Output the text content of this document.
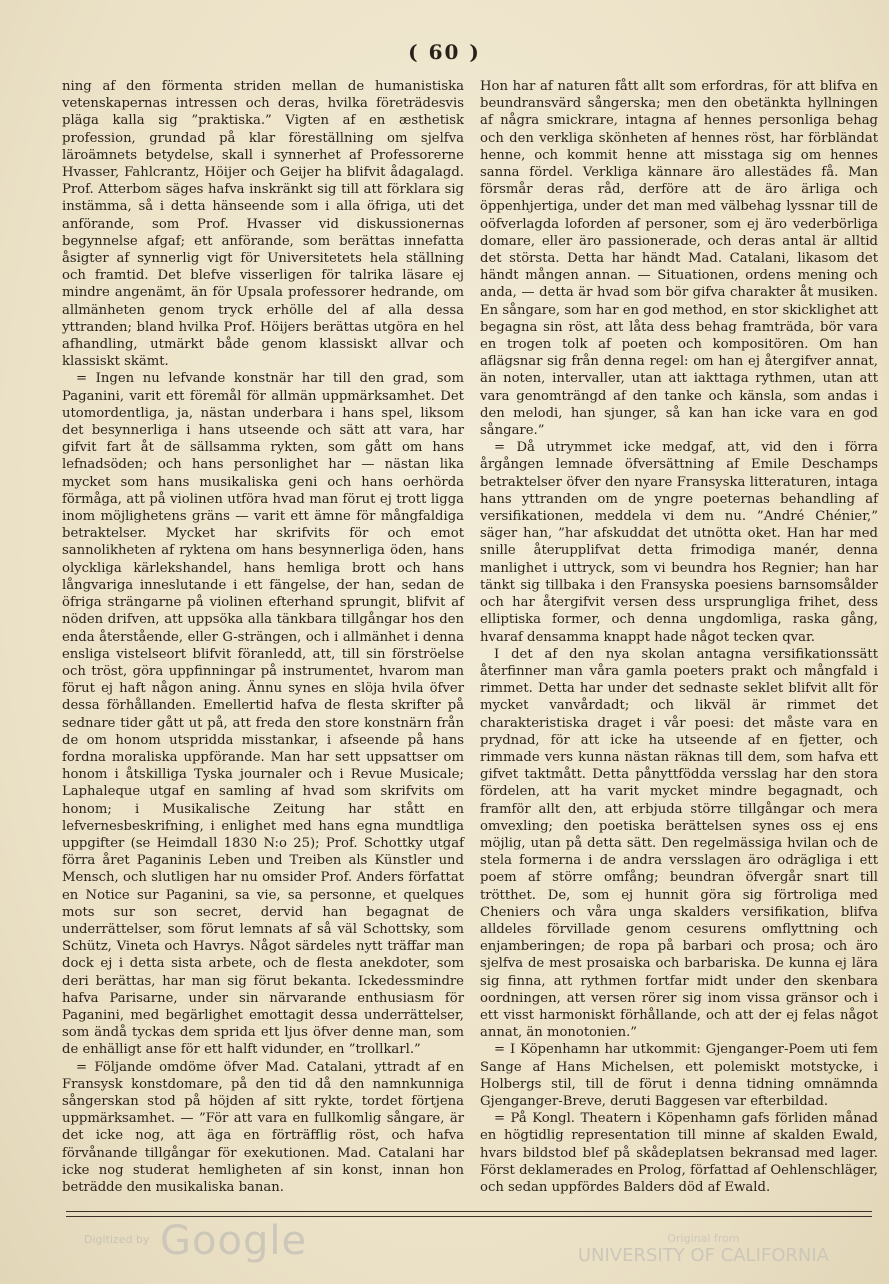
( 60 )

ning af den förmenta striden mellan de humanistiska vetenskapernas intressen och deras, hvilka företrädesvis pläga kalla sig ”praktiska.” Vigten af en æsthetisk profession, grundad på klar föreställning om sjelfva läroämnets betydelse, skall i synnerhet af Professorerne Hvasser, Fahlcrantz, Höijer och Geijer ha blifvit ådagalagd. Prof. Atterbom säges hafva inskränkt sig till att förklara sig instämma, så i detta hänseende som i alla öfriga, uti det anförande, som Prof. Hvasser vid diskussionernas begynnelse afgaf; ett anförande, som berättas innefatta åsigter af synnerlig vigt för Universitetets hela ställning och framtid. Det blefve visserligen för talrika läsare ej mindre angenämt, än för Upsala professorer hedrande, om allmänheten genom tryck erhölle del af alla dessa yttranden; bland hvilka Prof. Höijers berättas utgöra en hel afhandling, utmärkt både genom klassiskt allvar och klassiskt skämt.

= Ingen nu lefvande konstnär har till den grad, som Paganini, varit ett föremål för allmän uppmärksamhet. Det utomordentliga, ja, nästan underbara i hans spel, liksom det besynnerliga i hans utseende och sätt att vara, har gifvit fart åt de sällsamma rykten, som gått om hans lefnadsöden; och hans personlighet har — nästan lika mycket som hans musikaliska geni och hans oerhörda förmåga, att på violinen utföra hvad man förut ej trott ligga inom möjlighetens gräns — varit ett ämne för mångfaldiga betraktelser. Mycket har skrifvits för och emot sannolikheten af ryktena om hans besynnerliga öden, hans olyckliga kärlekshandel, hans hemliga brott och hans långvariga inneslutande i ett fängelse, der han, sedan de öfriga strängarne på violinen efterhand sprungit, blifvit af nöden drifven, att uppsöka alla tänkbara tillgångar hos den enda återstående, eller G-strängen, och i allmänhet i denna ensliga vistelseort blifvit föranledd, att, till sin förströelse och tröst, göra uppfinningar på instrumentet, hvarom man förut ej haft någon aning. Ännu synes en slöja hvila öfver dessa förhållanden. Emellertid hafva de flesta skrifter på sednare tider gått ut på, att freda den store konstnärn från de om honom utspridda misstankar, i afseende på hans fordna moraliska uppförande. Man har sett uppsattser om honom i åtskilliga Tyska journaler och i Revue Musicale; Laphaleque utgaf en samling af hvad som skrifvits om honom; i Musikalische Zeitung har stått en lefvernesbeskrifning, i enlighet med hans egna mundtliga uppgifter (se Heimdall 1830 N:o 25); Prof. Schottky utgaf förra året Paganinis Leben und Treiben als Künstler und Mensch, och slutligen har nu omsider Prof. Anders författat en Notice sur Paganini, sa vie, sa personne, et quelques mots sur son secret, dervid han begagnat de underrättelser, som förut lemnats af så väl Schottsky, som Schütz, Vineta och Havrys. Något särdeles nytt träffar man dock ej i detta sista arbete, och de flesta anekdoter, som deri berättas, har man sig förut bekanta. Ickedessmindre hafva Parisarne, under sin närvarande enthusiasm för Paganini, med begärlighet emottagit dessa underrättelser, som ändå tyckas dem sprida ett ljus öfver denne man, som de enhälligt anse för ett halft vidunder, en ”trollkarl.”

= Följande omdöme öfver Mad. Catalani, yttradt af en Fransysk konstdomare, på den tid då den namnkunniga sångerskan stod på höjden af sitt rykte, tordet förtjena uppmärksamhet. — ”För att vara en fullkomlig sångare, är det icke nog, att äga en förträfflig röst, och hafva förvånande tillgångar för exekutionen. Mad. Catalani har icke nog studerat hemligheten af sin konst, innan hon beträdde den musikaliska banan.

Hon har af naturen fått allt som erfordras, för att blifva en beundransvärd sångerska; men den obetänkta hyllningen af några smickrare, intagna af hennes personliga behag och den verkliga skönheten af hennes röst, har förbländat henne, och kommit henne att misstaga sig om hennes sanna fördel. Verkliga kännare äro allestädes få. Man försmår deras råd, derföre att de äro ärliga och öppenhjertiga, under det man med välbehag lyssnar till de oöfverlagda loforden af personer, som ej äro vederbörliga domare, eller äro passionerade, och deras antal är alltid det största. Detta har händt Mad. Catalani, likasom det händt mången annan. — Situationen, ordens mening och anda, — detta är hvad som bör gifva charakter åt musiken. En sångare, som har en god method, en stor skicklighet att begagna sin röst, att låta dess behag framträda, bör vara en trogen tolk af poeten och kompositören. Om han aflägsnar sig från denna regel: om han ej återgifver annat, än noten, intervaller, utan att iakttaga rythmen, utan att vara genomträngd af den tanke och känsla, som andas i den melodi, han sjunger, så kan han icke vara en god sångare.”

= Då utrymmet icke medgaf, att, vid den i förra årgången lemnade öfversättning af Emile Deschamps betraktelser öfver den nyare Fransyska litteraturen, intaga hans yttranden om de yngre poeternas behandling af versifikationen, meddela vi dem nu. ”André Chénier,” säger han, ”har afskuddat det utnötta oket. Han har med snille återupplifvat detta frimodiga manér, denna manlighet i uttryck, som vi beundra hos Regnier; han har tänkt sig tillbaka i den Fransyska poesiens barnsomsålder och har återgifvit versen dess ursprungliga frihet, dess elliptiska former, och denna ungdomliga, raska gång, hvaraf densamma knappt hade något tecken qvar.

I det af den nya skolan antagna versifikationssätt återfinner man våra gamla poeters prakt och mångfald i rimmet. Detta har under det sednaste seklet blifvit allt för mycket vanvårdadt; och likväl är rimmet det charakteristiska draget i vår poesi: det måste vara en prydnad, för att icke ha utseende af en fjetter, och rimmade vers kunna nästan räknas till dem, som hafva ett gifvet taktmått. Detta pånyttfödda versslag har den stora fördelen, att ha varit mycket mindre begagnadt, och framför allt den, att erbjuda större tillgångar och mera omvexling; den poetiska berättelsen synes oss ej ens möjlig, utan på detta sätt. Den regelmässiga hvilan och de stela formerna i de andra versslagen äro odrägliga i ett poem af större omfång; beundran öfvergår snart till trötthet. De, som ej hunnit göra sig förtroliga med Cheniers och våra unga skalders versifikation, blifva alldeles förvillade genom cesurens omflyttning och enjamberingen; de ropa på barbari och prosa; och äro sjelfva de mest prosaiska och barbariska. De kunna ej lära sig finna, att rythmen fortfar midt under den skenbara oordningen, att versen rörer sig inom vissa gränsor och i ett visst harmoniskt förhållande, och att der ej felas något annat, än monotonien.”

= I Köpenhamn har utkommit: Gjenganger-Poem uti fem Sange af Hans Michelsen, ett polemiskt motstycke, i Holbergs stil, till de förut i denna tidning omnämnda Gjenganger-Breve, deruti Baggesen var efterbildad.

= På Kongl. Theatern i Köpenhamn gafs förliden månad en högtidlig representation till minne af skalden Ewald, hvars bildstod blef på skådeplatsen bekransad med lager. Först deklamerades en Prolog, författad af Oehlenschläger, och sedan uppfördes Balders död af Ewald.

Digitized by Google	Original from
UNIVERSITY OF CALIFORNIA
